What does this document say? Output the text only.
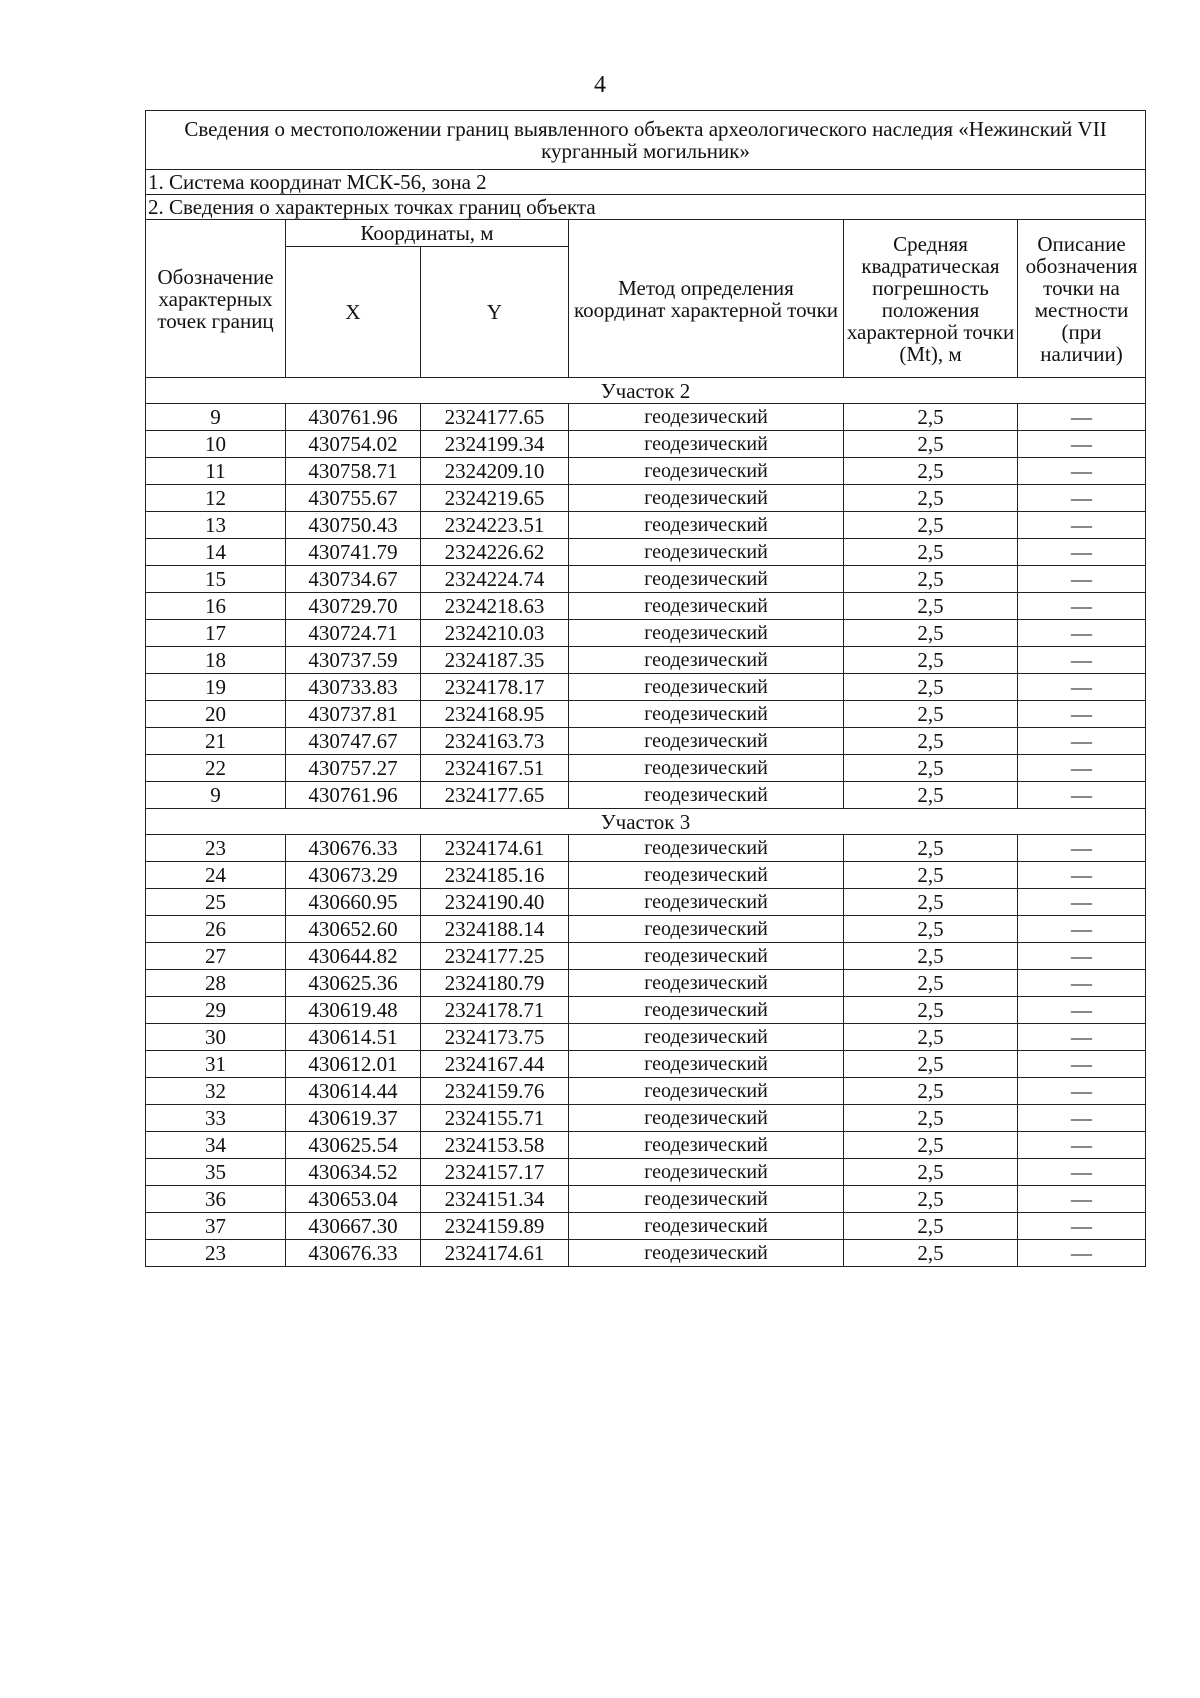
4
Сведения о местоположении границ выявленного объекта археологического наследия «Нежинский VII курганный могильник»					
1. Система координат МСК-56, зона 2					
2. Сведения о характерных точках границ объекта					
Обозначение характерных точек границ	Координаты, м		Метод определения координат характерной точки	Средняя квадратическая погрешность положения характерной точки (Mt), м	Описание обозначения точки на местности (при наличии)
	X	Y			
Участок 2					
9	430761.96	2324177.65	геодезический	2,5	—
10	430754.02	2324199.34	геодезический	2,5	—
11	430758.71	2324209.10	геодезический	2,5	—
12	430755.67	2324219.65	геодезический	2,5	—
13	430750.43	2324223.51	геодезический	2,5	—
14	430741.79	2324226.62	геодезический	2,5	—
15	430734.67	2324224.74	геодезический	2,5	—
16	430729.70	2324218.63	геодезический	2,5	—
17	430724.71	2324210.03	геодезический	2,5	—
18	430737.59	2324187.35	геодезический	2,5	—
19	430733.83	2324178.17	геодезический	2,5	—
20	430737.81	2324168.95	геодезический	2,5	—
21	430747.67	2324163.73	геодезический	2,5	—
22	430757.27	2324167.51	геодезический	2,5	—
9	430761.96	2324177.65	геодезический	2,5	—
Участок 3					
23	430676.33	2324174.61	геодезический	2,5	—
24	430673.29	2324185.16	геодезический	2,5	—
25	430660.95	2324190.40	геодезический	2,5	—
26	430652.60	2324188.14	геодезический	2,5	—
27	430644.82	2324177.25	геодезический	2,5	—
28	430625.36	2324180.79	геодезический	2,5	—
29	430619.48	2324178.71	геодезический	2,5	—
30	430614.51	2324173.75	геодезический	2,5	—
31	430612.01	2324167.44	геодезический	2,5	—
32	430614.44	2324159.76	геодезический	2,5	—
33	430619.37	2324155.71	геодезический	2,5	—
34	430625.54	2324153.58	геодезический	2,5	—
35	430634.52	2324157.17	геодезический	2,5	—
36	430653.04	2324151.34	геодезический	2,5	—
37	430667.30	2324159.89	геодезический	2,5	—
23	430676.33	2324174.61	геодезический	2,5	—
